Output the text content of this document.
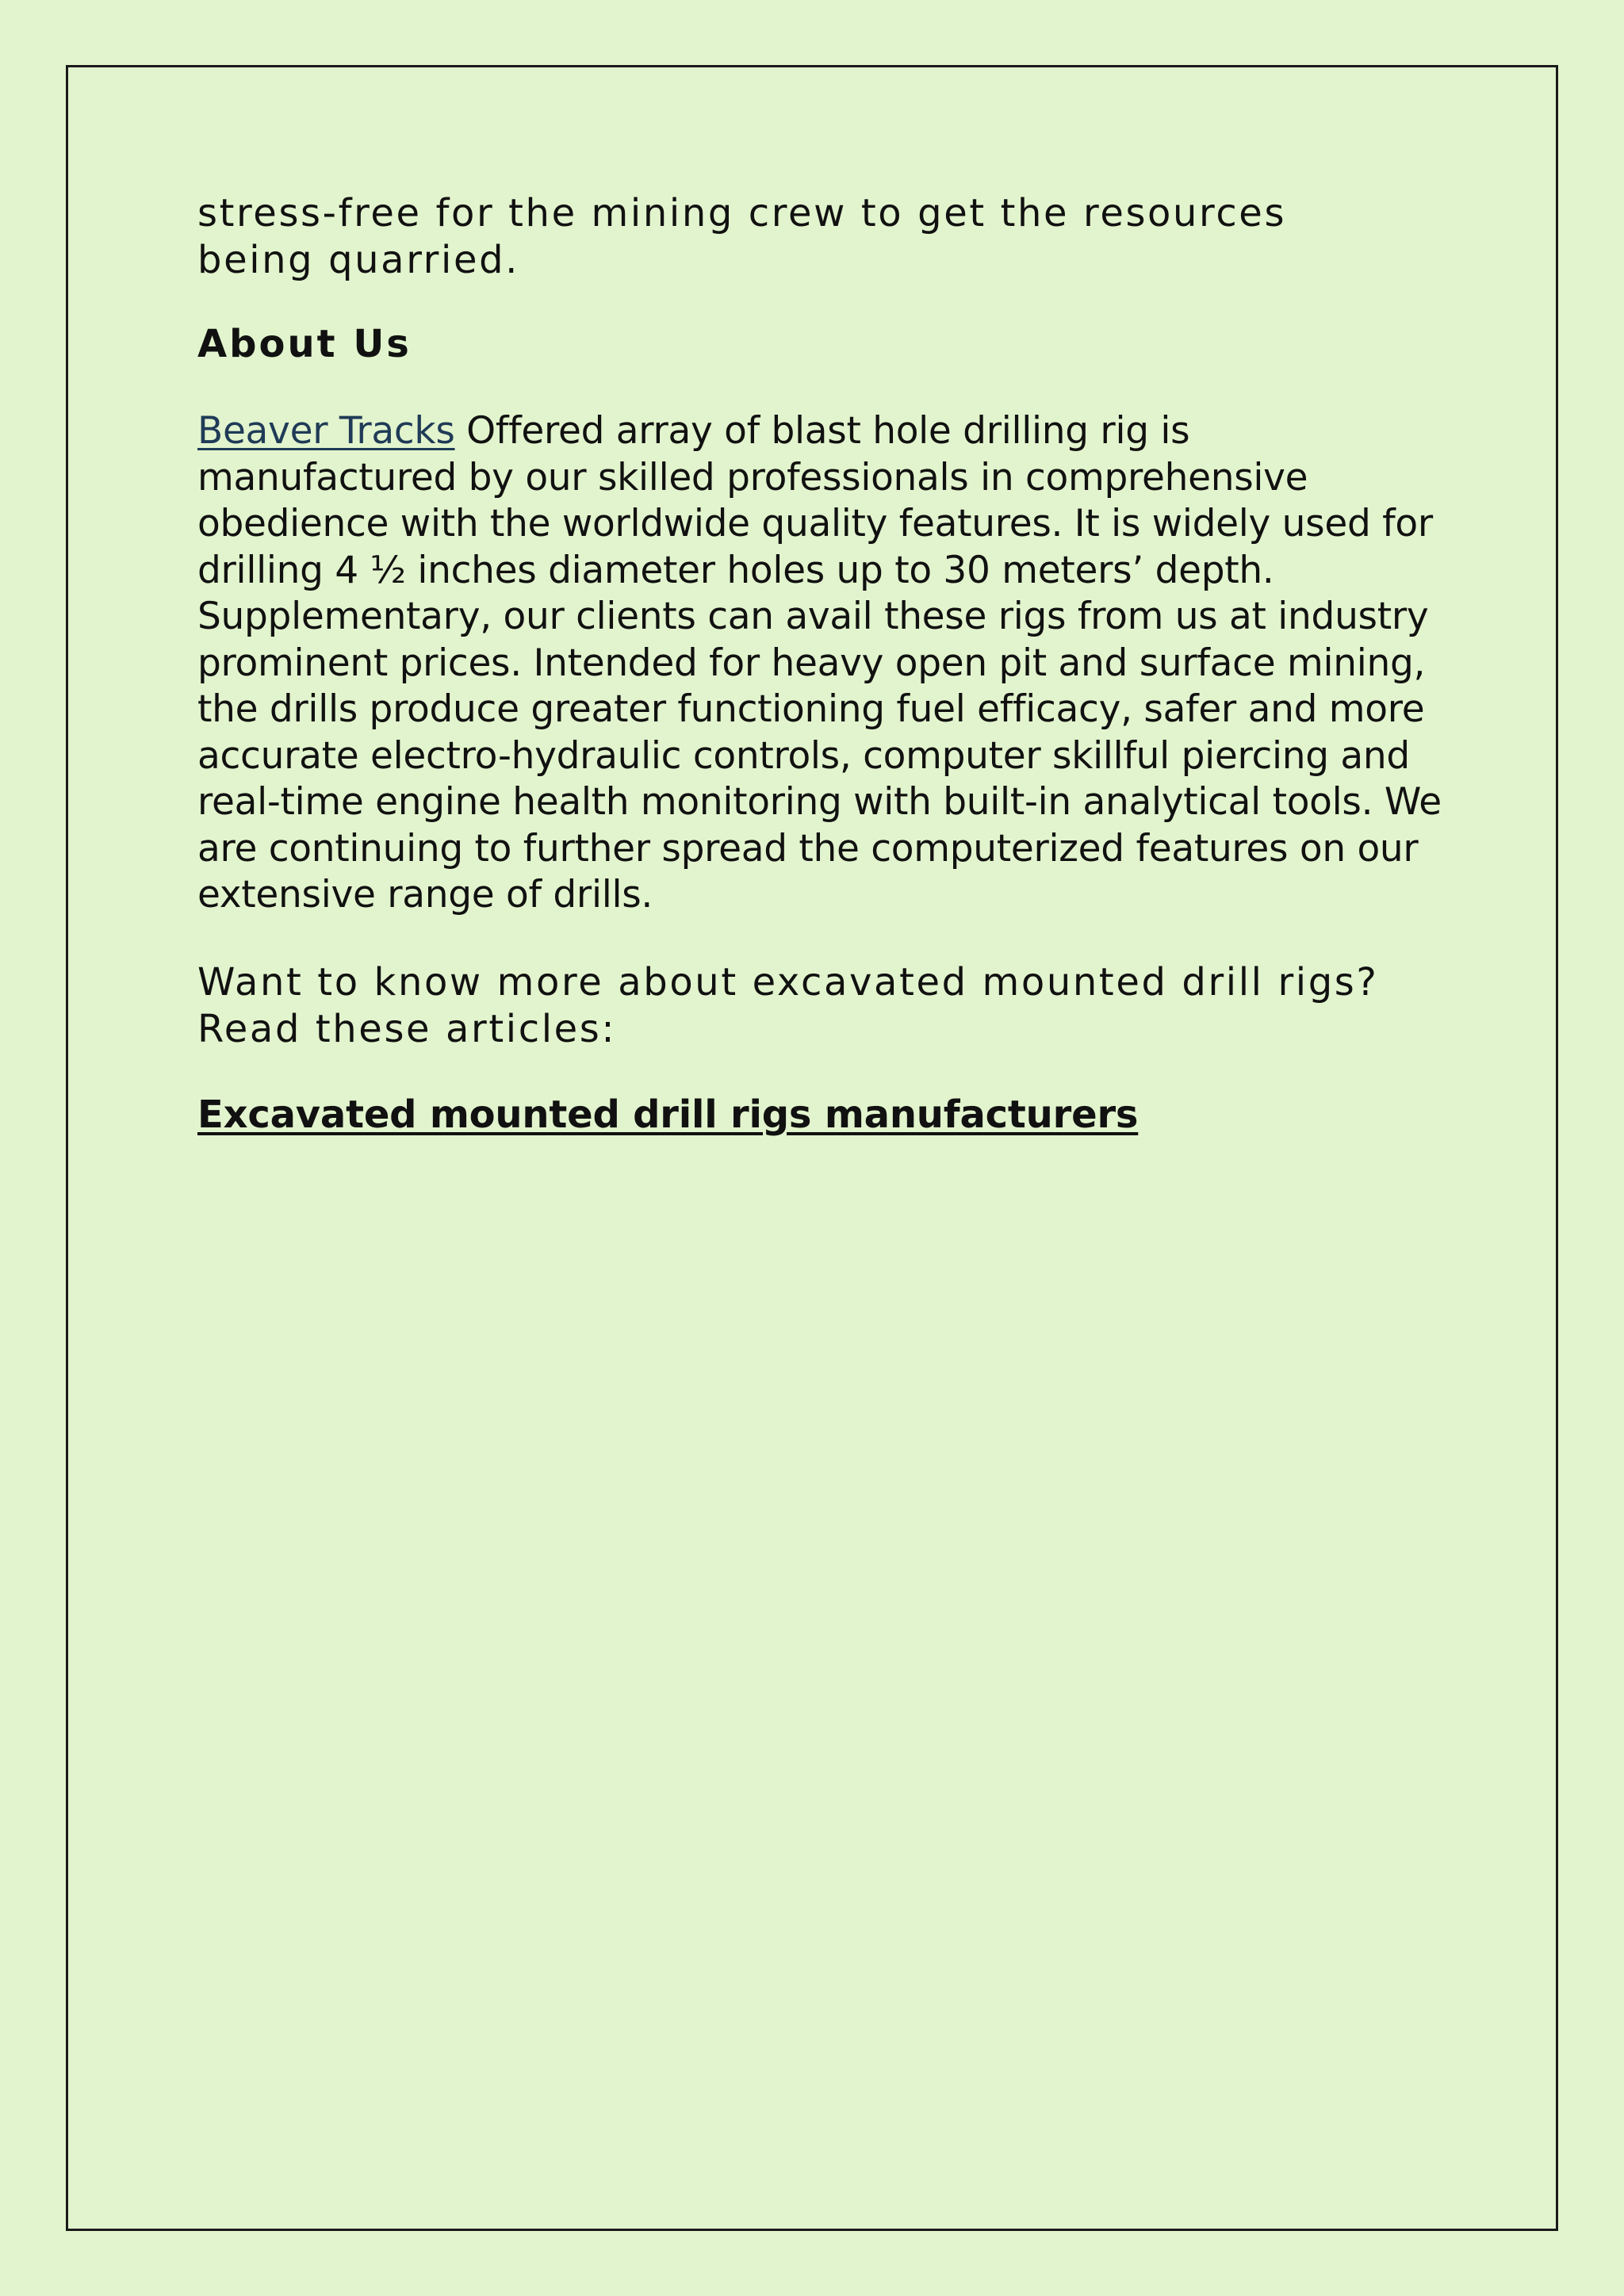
stress-free for the mining crew to get the resources
being quarried.

About Us

Beaver Tracks Offered array of blast hole drilling rig is manufactured by our skilled professionals in comprehensive obedience with the worldwide quality features. It is widely used for drilling 4 ½ inches diameter holes up to 30 meters’ depth. Supplementary, our clients can avail these rigs from us at industry prominent prices. Intended for heavy open pit and surface mining, the drills produce greater functioning fuel efficacy, safer and more accurate electro-hydraulic controls, computer skillful piercing and real-time engine health monitoring with built-in analytical tools. We are continuing to further spread the computerized features on our extensive range of drills.

Want to know more about excavated mounted drill rigs?
Read these articles:

Excavated mounted drill rigs manufacturers
